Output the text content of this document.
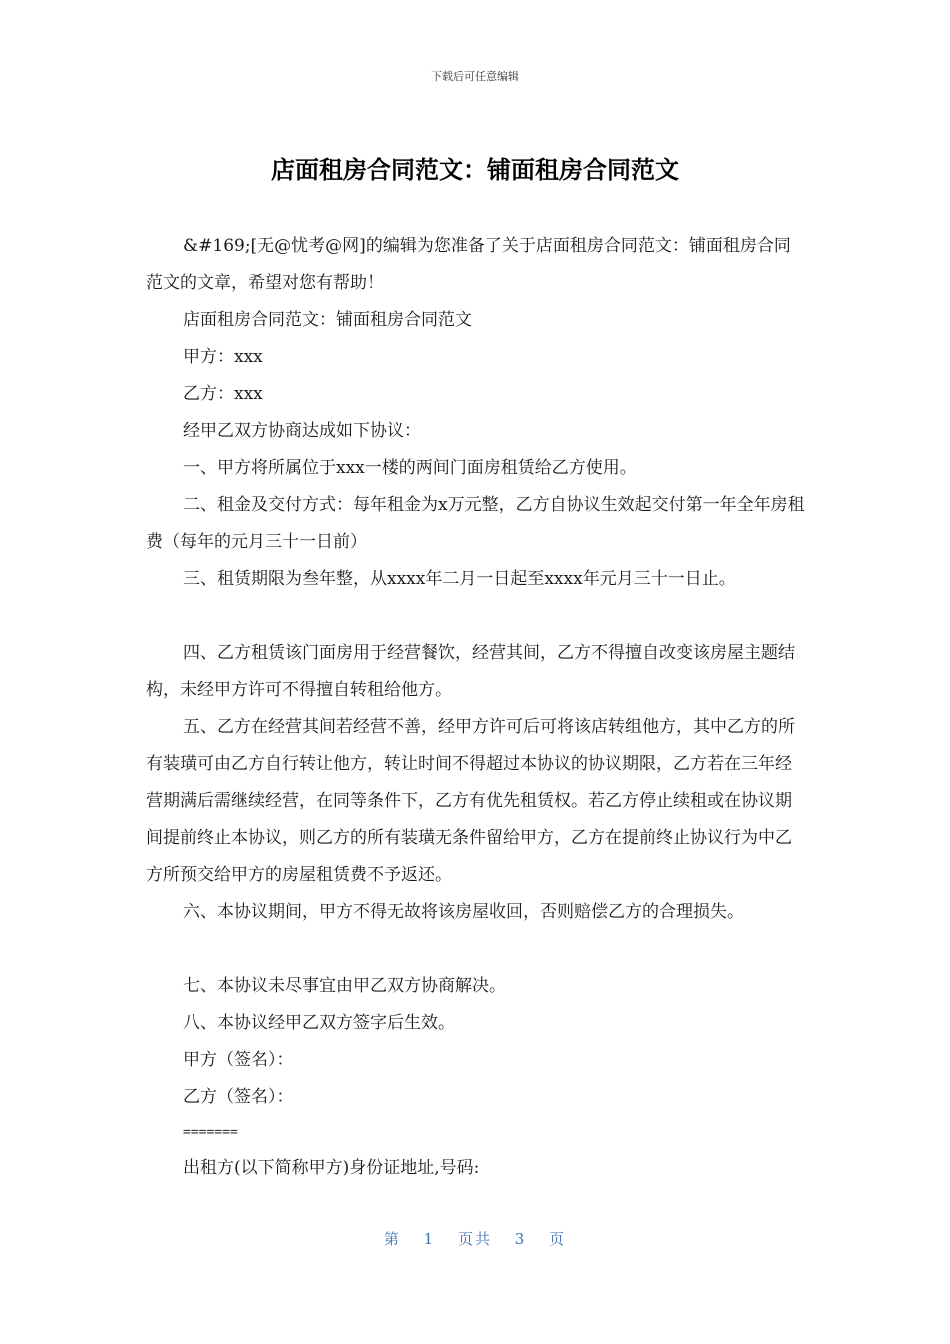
下载后可任意编辑
店面租房合同范文：铺面租房合同范文

&#169;[无@忧考@网]的编辑为您准备了关于店面租房合同范文：铺面租房合同范文的文章，希望对您有帮助！

店面租房合同范文：铺面租房合同范文

甲方：xxx

乙方：xxx

经甲乙双方协商达成如下协议：

一、甲方将所属位于xxx一楼的两间门面房租赁给乙方使用。

二、租金及交付方式：每年租金为x万元整，乙方自协议生效起交付第一年全年房租费（每年的元月三十一日前）

三、租赁期限为叁年整，从xxxx年二月一日起至xxxx年元月三十一日止。

四、乙方租赁该门面房用于经营餐饮，经营其间，乙方不得擅自改变该房屋主题结构，未经甲方许可不得擅自转租给他方。

五、乙方在经营其间若经营不善，经甲方许可后可将该店转组他方，其中乙方的所有装璜可由乙方自行转让他方，转让时间不得超过本协议的协议期限，乙方若在三年经营期满后需继续经营，在同等条件下，乙方有优先租赁权。若乙方停止续租或在协议期间提前终止本协议，则乙方的所有装璜无条件留给甲方，乙方在提前终止协议行为中乙方所预交给甲方的房屋租赁费不予返还。

六、本协议期间，甲方不得无故将该房屋收回，否则赔偿乙方的合理损失。

七、本协议未尽事宜由甲乙双方协商解决。

八、本协议经甲乙双方签字后生效。

甲方（签名）：

乙方（签名）：

=======

出租方(以下简称甲方)身份证地址,号码:

第 1 页共 3 页
